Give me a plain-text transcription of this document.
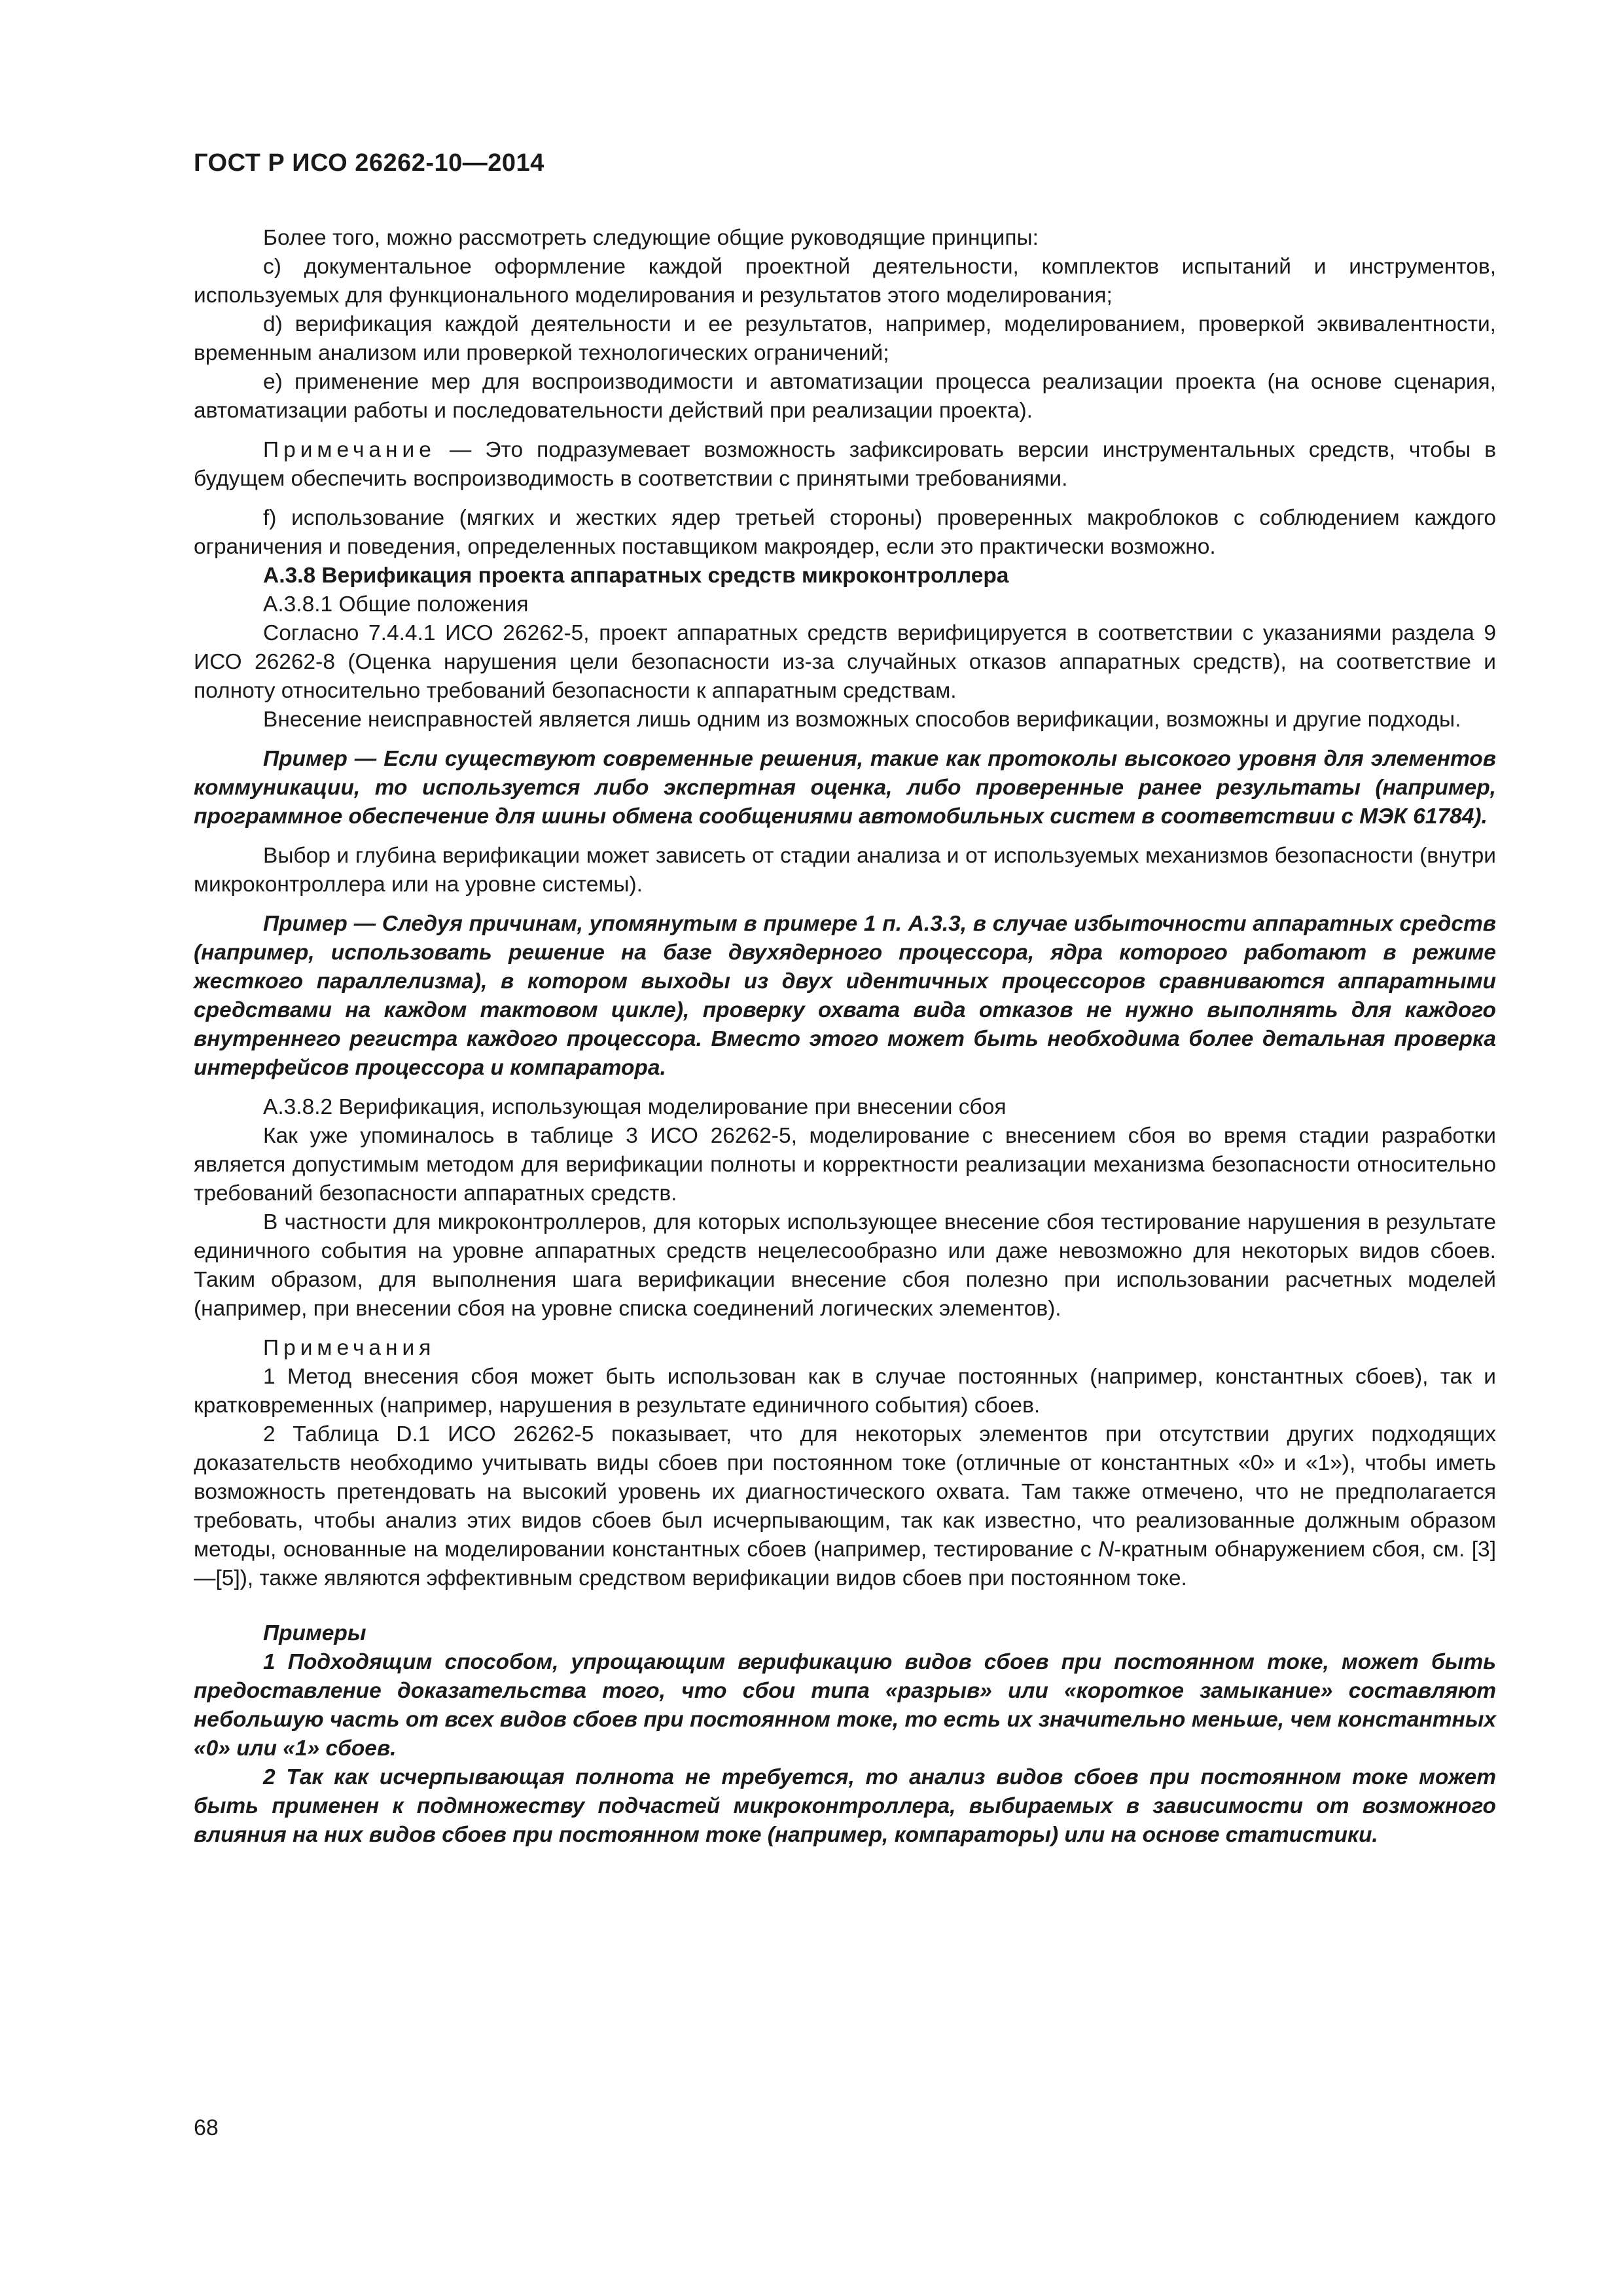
ГОСТ Р ИСО 26262-10—2014

Более того, можно рассмотреть следующие общие руководящие принципы:

c) документальное оформление каждой проектной деятельности, комплектов испытаний и инструментов, используемых для функционального моделирования и результатов этого моделирования;

d) верификация каждой деятельности и ее результатов, например, моделированием, проверкой эквивалентности, временным анализом или проверкой технологических ограничений;

e) применение мер для воспроизводимости и автоматизации процесса реализации проекта (на основе сценария, автоматизации работы и последовательности действий при реализации проекта).

Примечание — Это подразумевает возможность зафиксировать версии инструментальных средств, чтобы в будущем обеспечить воспроизводимость в соответствии с принятыми требованиями.

f) использование (мягких и жестких ядер третьей стороны) проверенных макроблоков с соблюдением каждого ограничения и поведения, определенных поставщиком макроядер, если это практически возможно.

А.3.8 Верификация проекта аппаратных средств микроконтроллера

А.3.8.1 Общие положения

Согласно 7.4.4.1 ИСО 26262-5, проект аппаратных средств верифицируется в соответствии с указаниями раздела 9 ИСО 26262-8 (Оценка нарушения цели безопасности из-за случайных отказов аппаратных средств), на соответствие и полноту относительно требований безопасности к аппаратным средствам.

Внесение неисправностей является лишь одним из возможных способов верификации, возможны и другие подходы.

Пример — Если существуют современные решения, такие как протоколы высокого уровня для элементов коммуникации, то используется либо экспертная оценка, либо проверенные ранее результаты (например, программное обеспечение для шины обмена сообщениями автомобильных систем в соответствии с МЭК 61784).

Выбор и глубина верификации может зависеть от стадии анализа и от используемых механизмов безопасности (внутри микроконтроллера или на уровне системы).

Пример — Следуя причинам, упомянутым в примере 1 п. А.3.3, в случае избыточности аппаратных средств (например, использовать решение на базе двухядерного процессора, ядра которого работают в режиме жесткого параллелизма), в котором выходы из двух идентичных процессоров сравниваются аппаратными средствами на каждом тактовом цикле), проверку охвата вида отказов не нужно выполнять для каждого внутреннего регистра каждого процессора. Вместо этого может быть необходима более детальная проверка интерфейсов процессора и компаратора.

А.3.8.2 Верификация, использующая моделирование при внесении сбоя

Как уже упоминалось в таблице 3 ИСО 26262-5, моделирование с внесением сбоя во время стадии разработки является допустимым методом для верификации полноты и корректности реализации механизма безопасности относительно требований безопасности аппаратных средств.

В частности для микроконтроллеров, для которых использующее внесение сбоя тестирование нарушения в результате единичного события на уровне аппаратных средств нецелесообразно или даже невозможно для некоторых видов сбоев. Таким образом, для выполнения шага верификации внесение сбоя полезно при использовании расчетных моделей (например, при внесении сбоя на уровне списка соединений логических элементов).

Примечания

1 Метод внесения сбоя может быть использован как в случае постоянных (например, константных сбоев), так и кратковременных (например, нарушения в результате единичного события) сбоев.

2 Таблица D.1 ИСО 26262-5 показывает, что для некоторых элементов при отсутствии других подходящих доказательств необходимо учитывать виды сбоев при постоянном токе (отличные от константных «0» и «1»), чтобы иметь возможность претендовать на высокий уровень их диагностического охвата. Там также отмечено, что не предполагается требовать, чтобы анализ этих видов сбоев был исчерпывающим, так как известно, что реализованные должным образом методы, основанные на моделировании константных сбоев (например, тестирование с N-кратным обнаружением сбоя, см. [3]—[5]), также являются эффективным средством верификации видов сбоев при постоянном токе.

Примеры

1 Подходящим способом, упрощающим верификацию видов сбоев при постоянном токе, может быть предоставление доказательства того, что сбои типа «разрыв» или «короткое замыкание» составляют небольшую часть от всех видов сбоев при постоянном токе, то есть их значительно меньше, чем константных «0» или «1» сбоев.

2 Так как исчерпывающая полнота не требуется, то анализ видов сбоев при постоянном токе может быть применен к подмножеству подчастей микроконтроллера, выбираемых в зависимости от возможного влияния на них видов сбоев при постоянном токе (например, компараторы) или на основе статистики.

68
